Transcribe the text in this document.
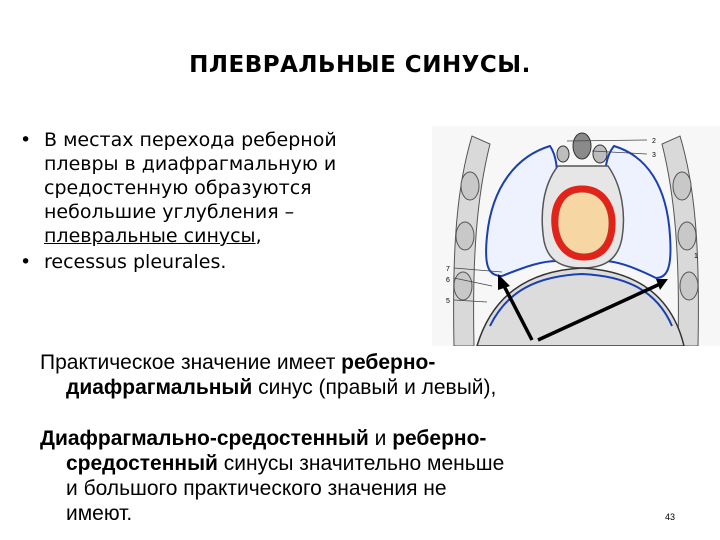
ПЛЕВРАЛЬНЫЕ СИНУСЫ.
• В местах перехода реберной
плевры в диафрагмальную и
средостенную образуются
небольшие углубления –
плевральные синусы,
• recessus pleurales.
3
2
1
7
6
5
Практическое значение имеет реберно-
диафрагмальный синус (правый и левый),
Диафрагмально-средостенный и реберно-
средостенный синусы значительно меньше
и большого практического значения не
имеют.	43
